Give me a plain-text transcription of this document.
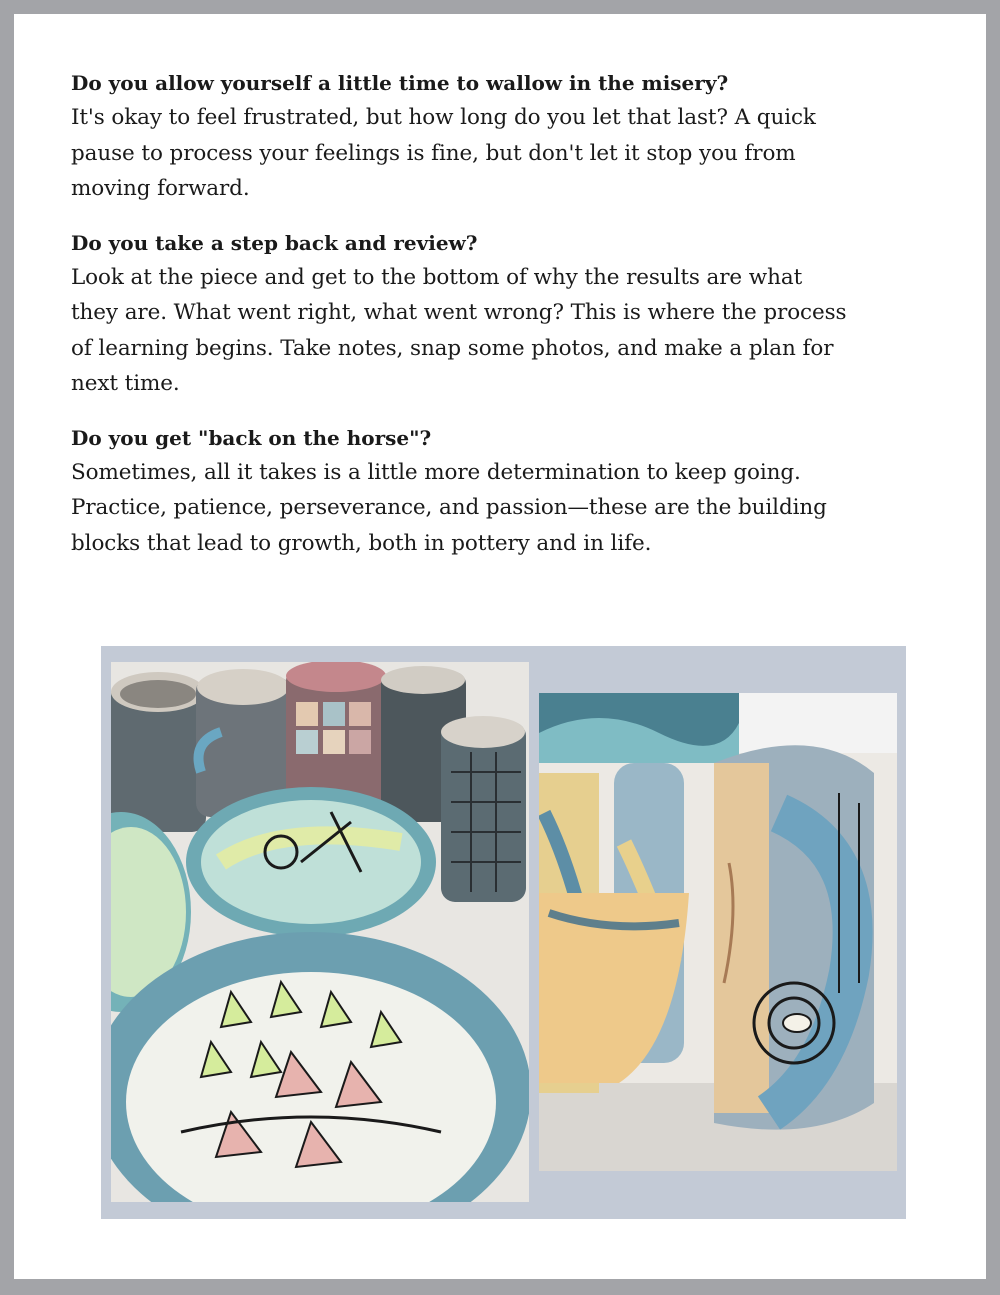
Do you allow yourself a little time to wallow in the misery?

It's okay to feel frustrated, but how long do you let that last? A quick

pause to process your feelings is fine, but don't let it stop you from

moving forward.

Do you take a step back and review?

Look at the piece and get to the bottom of why the results are what

they are. What went right, what went wrong? This is where the process

of learning begins. Take notes, snap some photos, and make a plan for

next time.

Do you get "back on the horse"?

Sometimes, all it takes is a little more determination to keep going.

Practice, patience, perseverance, and passion—these are the building

blocks that lead to growth, both in pottery and in life.
